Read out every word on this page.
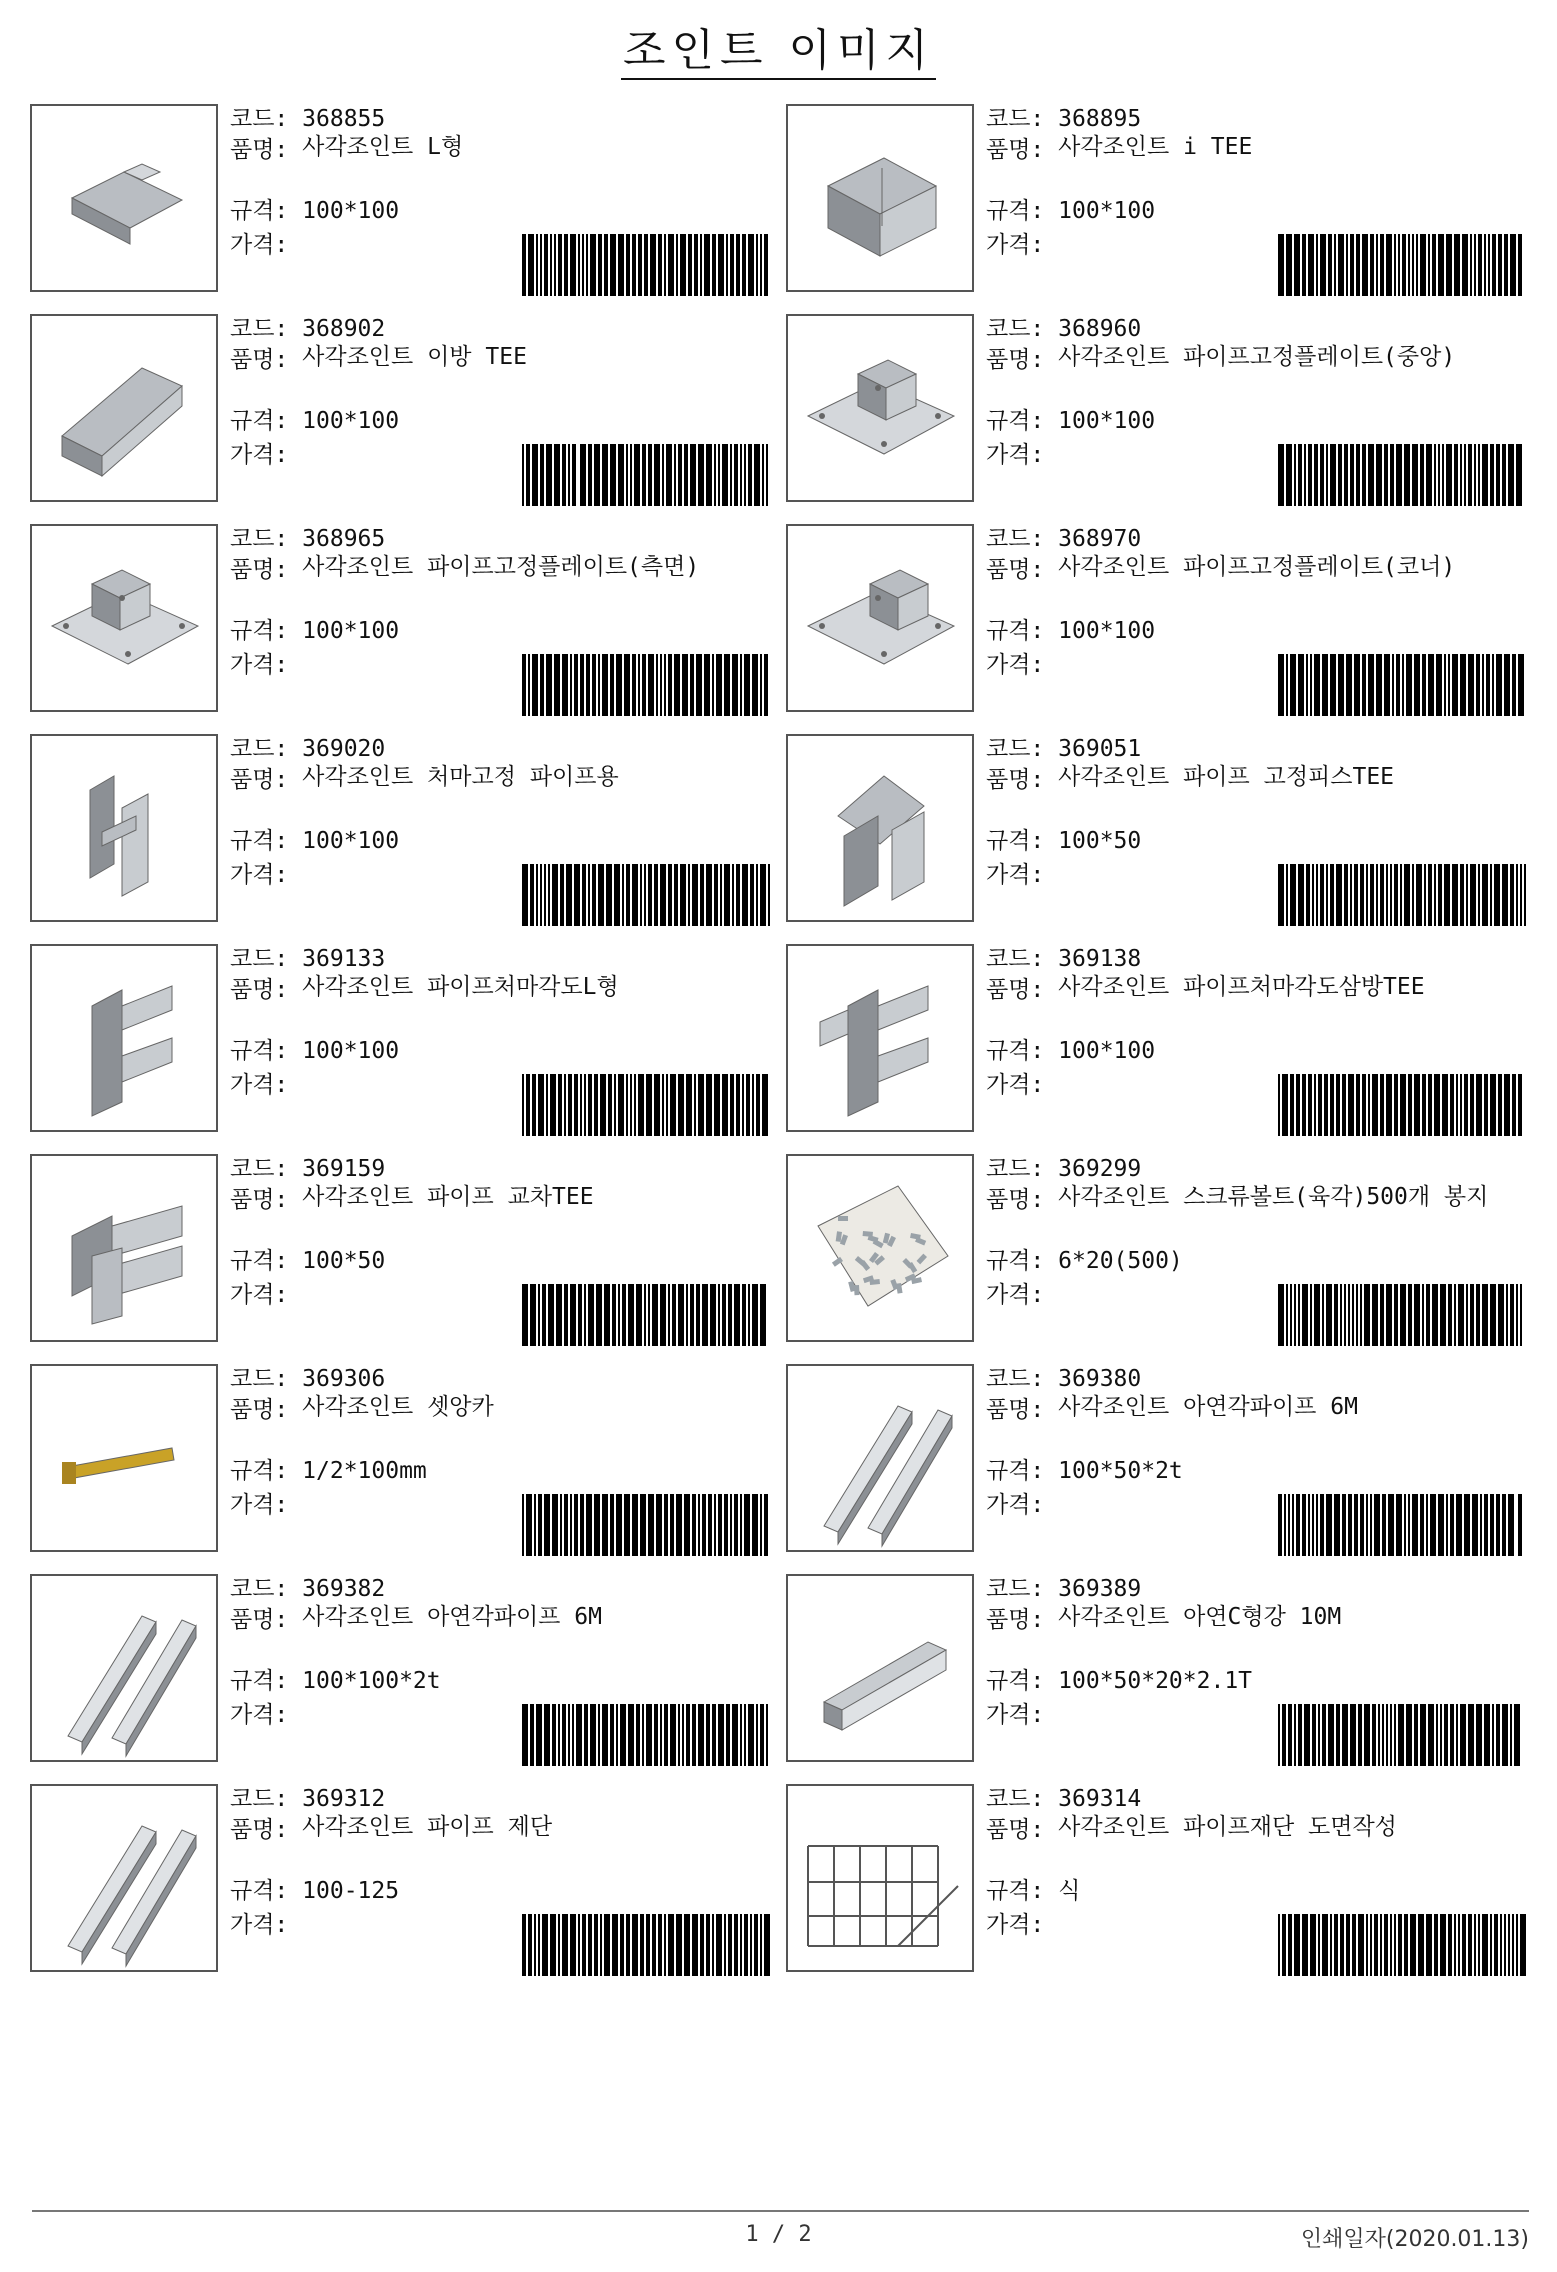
조인트 이미지
코드: 368855
품명: 사각조인트 L형
규격: 100*100
가격:
코드: 368895
품명: 사각조인트 i TEE
규격: 100*100
가격:
코드: 368902
품명: 사각조인트 이방 TEE
규격: 100*100
가격:
코드: 368960
품명: 사각조인트 파이프고정플레이트(중앙)
규격: 100*100
가격:
코드: 368965
품명: 사각조인트 파이프고정플레이트(측면)
규격: 100*100
가격:
코드: 368970
품명: 사각조인트 파이프고정플레이트(코너)
규격: 100*100
가격:
코드: 369020
품명: 사각조인트 처마고정 파이프용
규격: 100*100
가격:
코드: 369051
품명: 사각조인트 파이프 고정피스TEE
규격: 100*50
가격:
코드: 369133
품명: 사각조인트 파이프처마각도L형
규격: 100*100
가격:
코드: 369138
품명: 사각조인트 파이프처마각도삼방TEE
규격: 100*100
가격:
코드: 369159
품명: 사각조인트 파이프 교차TEE
규격: 100*50
가격:
코드: 369299
품명: 사각조인트 스크류볼트(육각)500개 봉지
규격: 6*20(500)
가격:
코드: 369306
품명: 사각조인트 셋앙카
규격: 1/2*100mm
가격:
코드: 369380
품명: 사각조인트 아연각파이프 6M
규격: 100*50*2t
가격:
코드: 369382
품명: 사각조인트 아연각파이프 6M
규격: 100*100*2t
가격:
코드: 369389
품명: 사각조인트 아연C형강 10M
규격: 100*50*20*2.1T
가격:
코드: 369312
품명: 사각조인트 파이프 제단
규격: 100-125
가격:
코드: 369314
품명: 사각조인트 파이프재단 도면작성
규격: 식
가격:
1 / 2	인쇄일자(2020.01.13)
